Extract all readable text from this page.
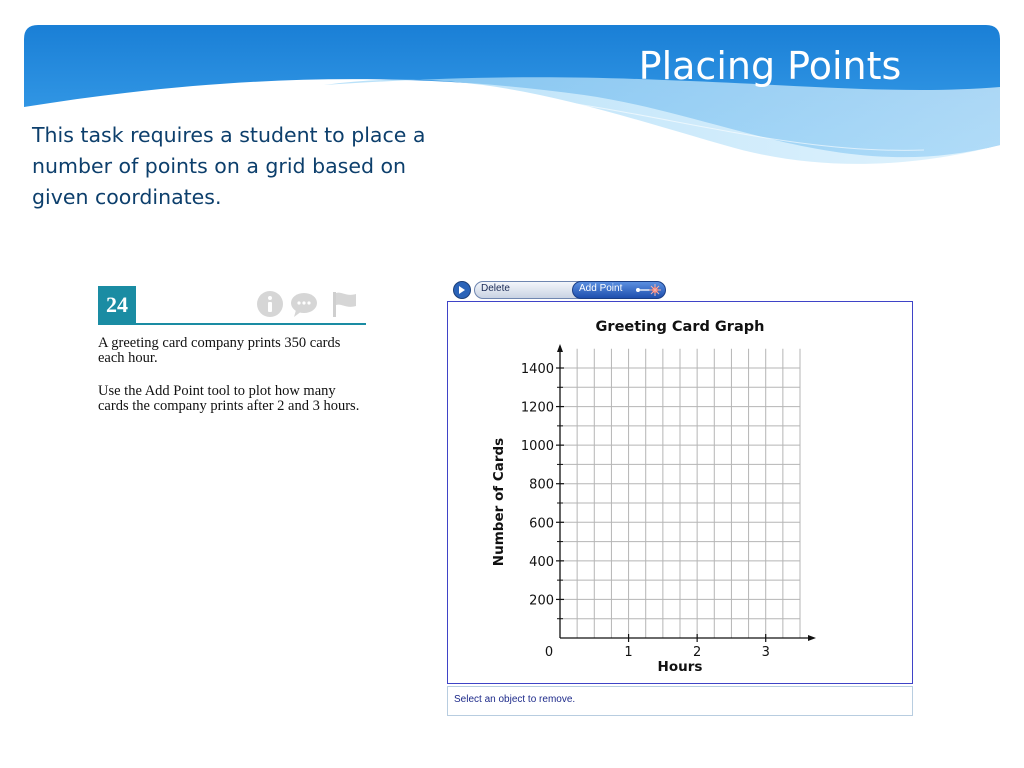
Placing Points
This task requires a student to place a number of points on a grid based on given coordinates.
24
A greeting card company prints 350 cards each hour.
Use the Add Point tool to plot how many cards the company prints after 2 and 3 hours.
Delete	Add Point
Greeting Card Graph
200
400
600
800
1000
1200
1400
0	1	2	3
Hours
Number of Cards
Select an object to remove.
